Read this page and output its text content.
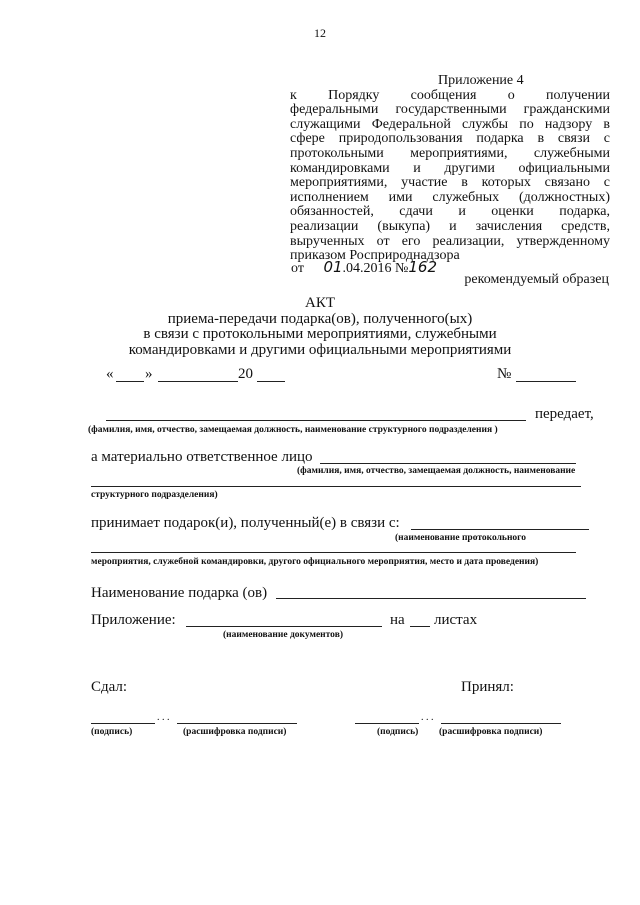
12
Приложение 4
к Порядку сообщения о получении
федеральными государственными гражданскими
служащими Федеральной службы по надзору в
сфере природопользования подарка в связи с
протокольными мероприятиями, служебными
командировками и другими официальными
мероприятиями, участие в которых связано с
исполнением ими служебных (должностных)
обязанностей, сдачи и оценки подарка,
реализации (выкупа) и зачисления средств,
вырученных от его реализации, утвержденному
приказом Росприроднадзора
от 01.04.2016 №162
рекомендуемый образец
АКТ
приема-передачи подарка(ов), полученного(ых)
в связи с протокольными мероприятиями, служебными
командировками и другими официальными мероприятиями
« »	20	№
передает,
(фамилия, имя, отчество, замещаемая должность, наименование структурного подразделения )
а материально ответственное лицо
(фамилия, имя, отчество, замещаемая должность, наименование
структурного подразделения)
принимает подарок(и), полученный(е) в связи с:
(наименование протокольного
мероприятия, служебной командировки, другого официального мероприятия, место и дата проведения)
Наименование подарка (ов)
Приложение:	на листах
(наименование документов)
Сдал:	Принял:
. . .
(подпись)	(расшифровка подписи)
. . .
(подпись) (расшифровка подписи)
